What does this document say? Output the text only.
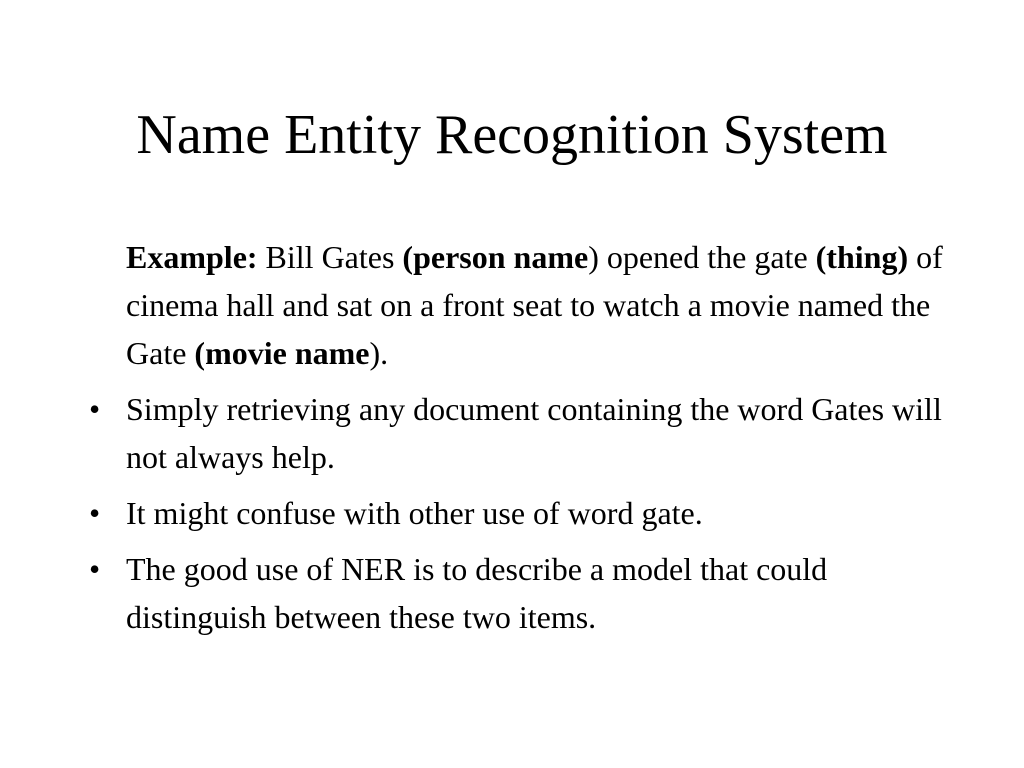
Name Entity Recognition System

Example: Bill Gates (person name) opened the gate (thing) of cinema hall and sat on a front seat to watch a movie named the Gate (movie name).

• Simply retrieving any document containing the word Gates will not always help.

• It might confuse with other use of word gate.

• The good use of NER is to describe a model that could distinguish between these two items.
